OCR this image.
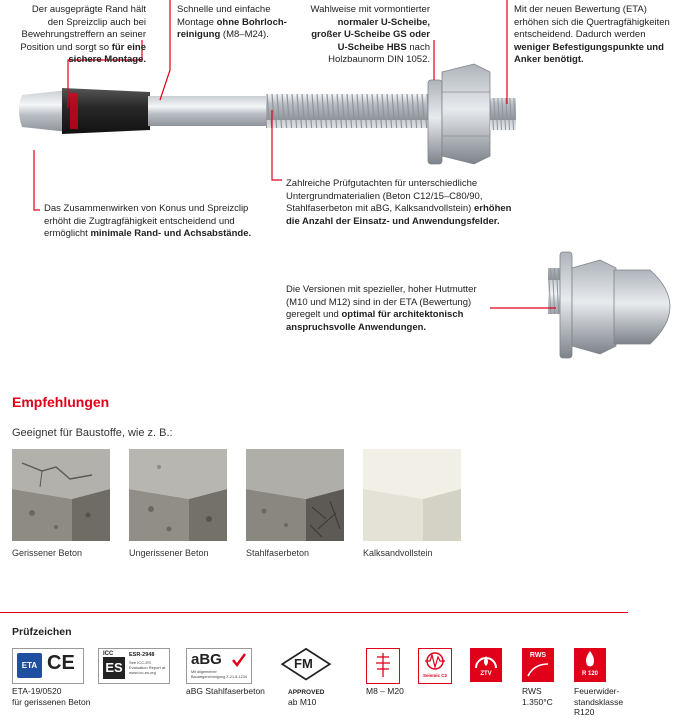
Der ausgeprägte Rand hält den Spreizclip auch bei Bewehrungstreffern an seiner Position und sorgt so für eine sichere Montage.
Schnelle und einfache Montage ohne Bohrloch-reinigung (M8–M24).
Wahlweise mit vormontierter normaler U-Scheibe, großer U-Scheibe GS oder U-Scheibe HBS nach Holzbaunorm DIN 1052.
Mit der neuen Bewertung (ETA) erhöhen sich die Quertragfähigkeiten entscheidend. Dadurch werden weniger Befestigungspunkte und Anker benötigt.
Das Zusammenwirken von Konus und Spreizclip erhöht die Zugtragfähigkeit entscheidend und ermöglicht minimale Rand- und Achsabstände.
Zahlreiche Prüfgutachten für unterschiedliche Untergrundmaterialien (Beton C12/15–C80/90, Stahlfaserbeton mit aBG, Kalksandvollstein) erhöhen die Anzahl der Einsatz- und Anwendungsfelder.
Die Versionen mit spezieller, hoher Hutmutter (M10 und M12) sind in der ETA (Bewertung) geregelt und optimal für architektonisch anspruchsvolle Anwendungen.
Empfehlungen
Geeignet für Baustoffe, wie z. B.:
Gerissener Beton	Ungerissener Beton	Stahlfaserbeton	Kalksandvollstein
Prüfzeichen
ETA CE	ICC
ES
ESR-2948
See ICC-ES Evaluation Report at www.icc-es.org
aBG
Mit allgemeiner Bauartgenehmigung Z-21.8-1234
FM
APPROVED
Seismic C2	ZTV
RWS
R 120
ETA-19/0520
für gerissenen Beton
aBG Stahlfaserbeton
ab M10
M8 – M20	RWS
1.350°C
Feuerwider-
standsklasse
R120
